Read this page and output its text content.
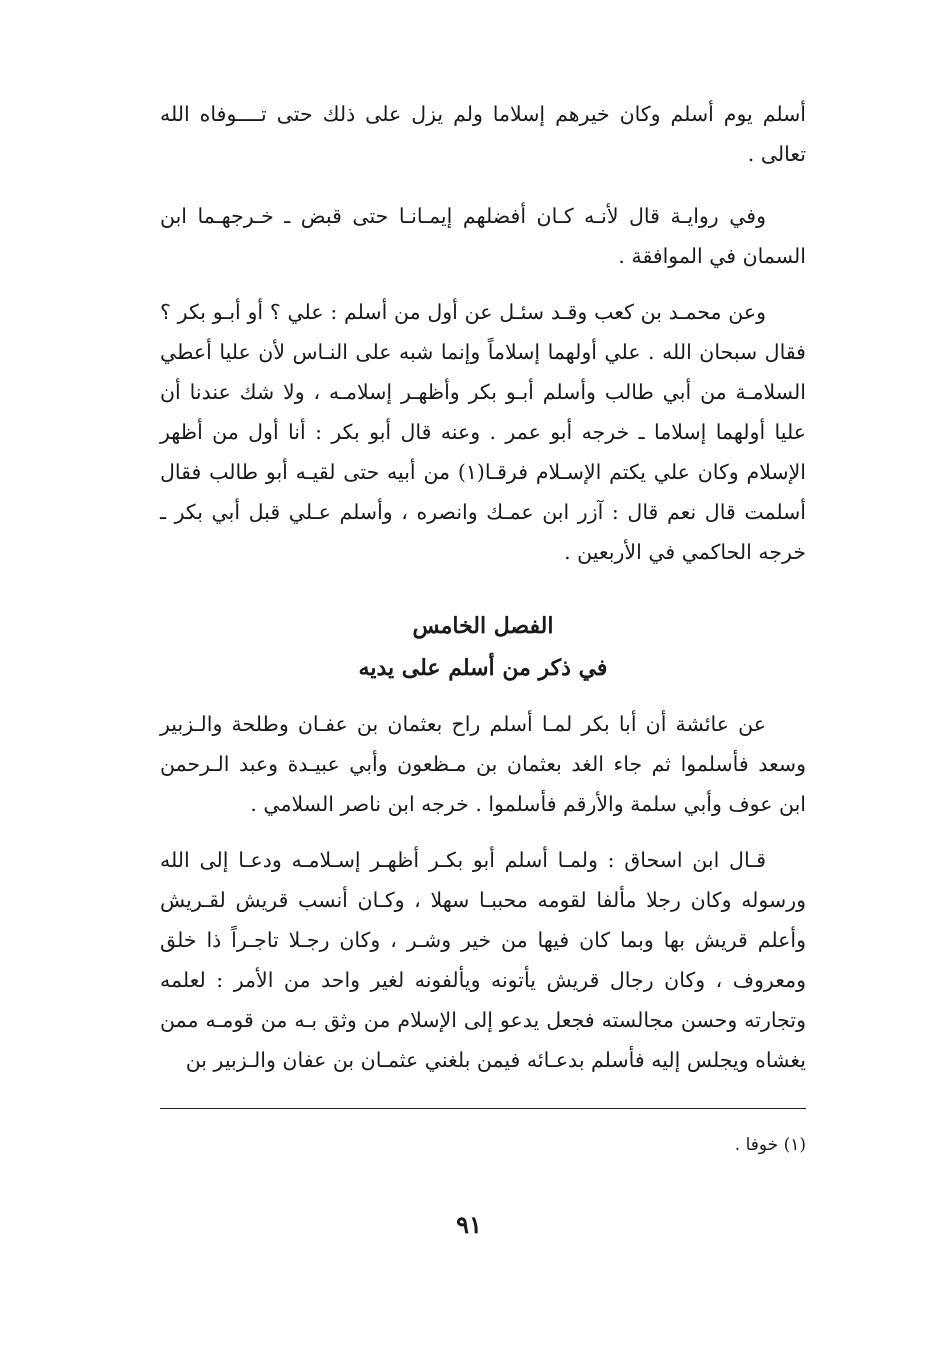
أسلم يوم أسلم وكان خيرهم إسلاما ولم يزل على ذلك حتى تــــوفاه الله تعالى .

وفي روايـة قال لأنـه كـان أفضلهم إيمـانـا حتى قبض ـ خـرجهـما ابن السمان في الموافقة .

وعن محمـد بن كعب وقـد سئـل عن أول من أسلم : علي ؟ أو أبـو بكر ؟ فقال سبحان الله . علي أولهما إسلاماً وإنما شبه على النـاس لأن عليا أعطي السلامـة من أبي طالب وأسلم أبـو بكر وأظهـر إسلامـه ، ولا شك عندنا أن عليا أولهما إسلاما ـ خرجه أبو عمر . وعنه قال أبو بكر : أنا أول من أظهر الإسلام وكان علي يكتم الإسـلام فرقـا(١) من أبيه حتى لقيـه أبو طالب فقال أسلمت قال نعم قال : آزر ابن عمـك وانصره ، وأسلم عـلي قبل أبي بكر ـ خرجه الحاكمي في الأربعين .

الفصل الخامس
في ذكر من أسلم على يديه

عن عائشة أن أبا بكر لمـا أسلم راح بعثمان بن عفـان وطلحة والـزبير وسعد فأسلموا ثم جاء الغد بعثمان بن مـظعون وأبي عبيـدة وعبد الـرحمن ابن عوف وأبي سلمة والأرقم فأسلموا . خرجه ابن ناصر السلامي .

قـال ابن اسحاق : ولمـا أسلم أبو بكـر أظهـر إسـلامـه ودعـا إلى الله ورسوله وكان رجلا مألفا لقومه محببـا سهلا ، وكـان أنسب قريش لقـريش وأعلم قريش بها وبما كان فيها من خير وشـر ، وكان رجـلا تاجـراً ذا خلق ومعروف ، وكان رجال قريش يأتونه ويألفونه لغير واحد من الأمر : لعلمه وتجارته وحسن مجالسته فجعل يدعو إلى الإسلام من وثق بـه من قومـه ممن يغشاه ويجلس إليه فأسلم بدعـائه فيمن بلغني عثمـان بن عفان والـزبير بن

(١) خوفا .
٩١
